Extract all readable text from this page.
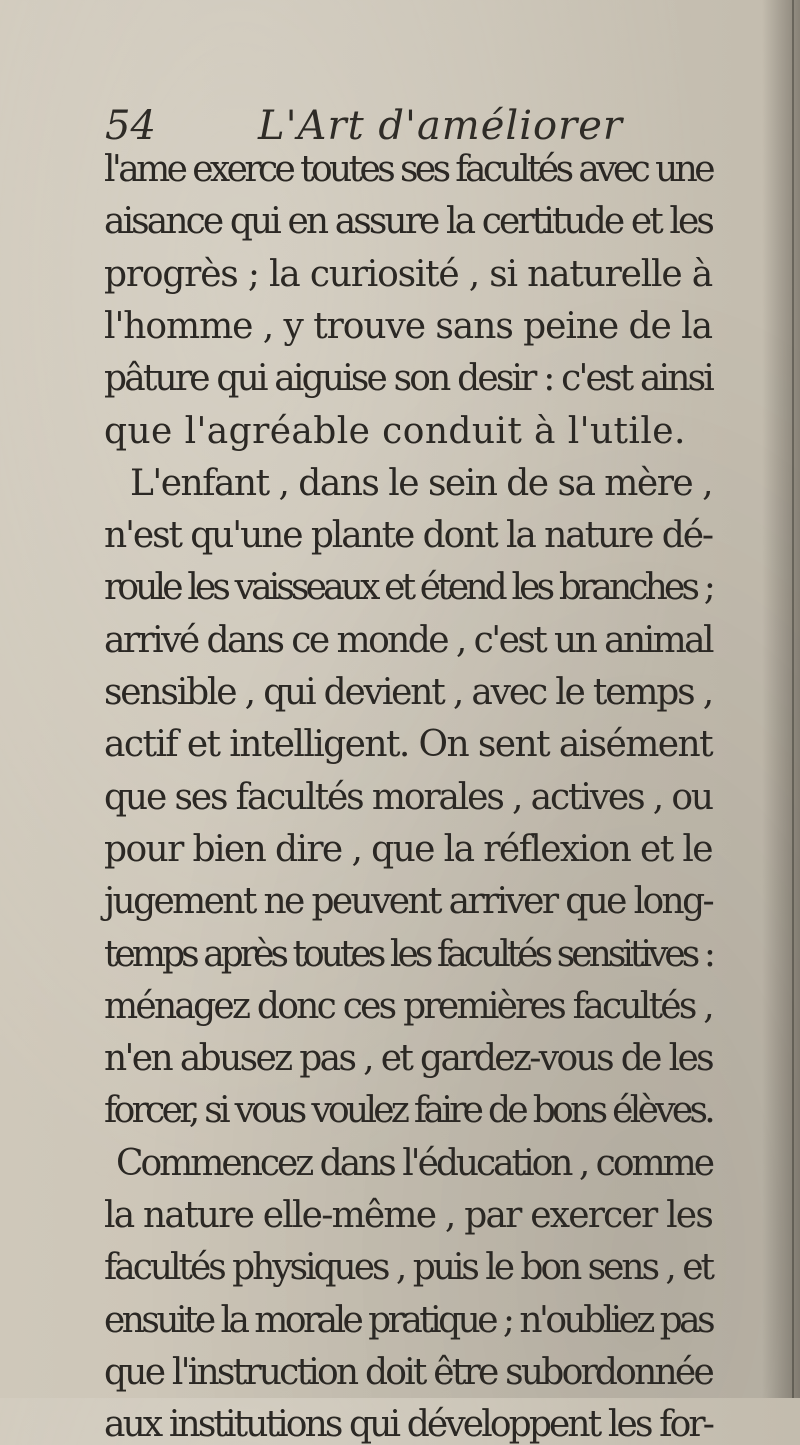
54	L'Art d'améliorer
l'ame exerce toutes ses facultés avec une
aisance qui en assure la certitude et les
progrès ; la curiosité , si naturelle à
l'homme , y trouve sans peine de la
pâture qui aiguise son desir : c'est ainsi
que l'agréable conduit à l'utile.
L'enfant , dans le sein de sa mère ,
n'est qu'une plante dont la nature dé-
roule les vaisseaux et étend les branches ;
arrivé dans ce monde , c'est un animal
sensible , qui devient , avec le temps ,
actif et intelligent. On sent aisément
que ses facultés morales , actives , ou
pour bien dire , que la réflexion et le
jugement ne peuvent arriver que long-
temps après toutes les facultés sensitives :
ménagez donc ces premières facultés ,
n'en abusez pas , et gardez-vous de les
forcer, si vous voulez faire de bons élèves.
Commencez dans l'éducation , comme
la nature elle-même , par exercer les
facultés physiques , puis le bon sens , et
ensuite la morale pratique ; n'oubliez pas
que l'instruction doit être subordonnée
aux institutions qui développent les for-
